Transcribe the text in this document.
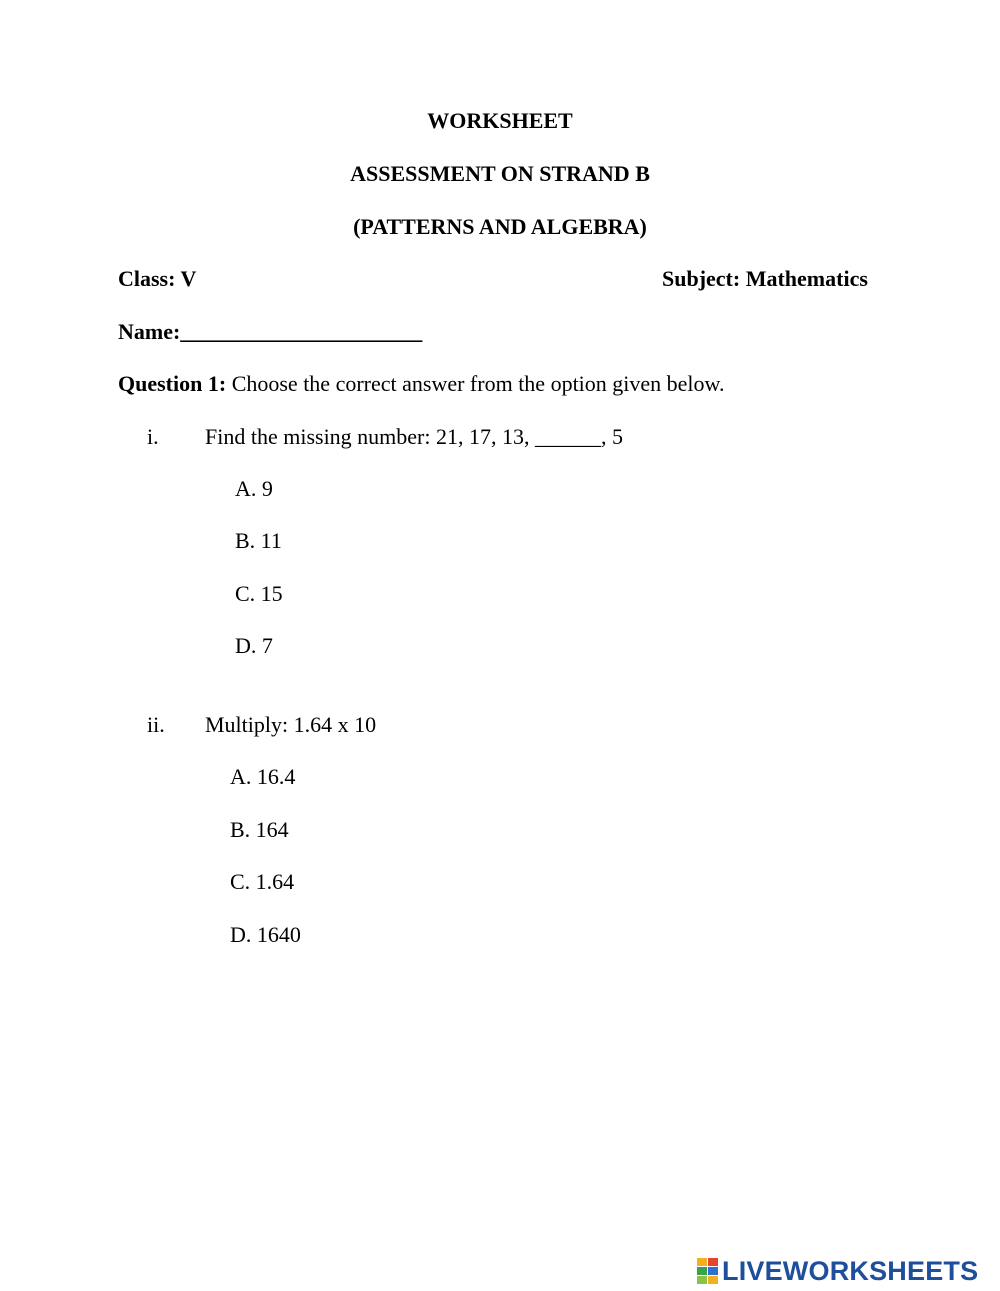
WORKSHEET
ASSESSMENT ON STRAND B
(PATTERNS AND ALGEBRA)
Class: V	Subject: Mathematics
Name:______________________
Question 1: Choose the correct answer from the option given below.
i. Find the missing number: 21, 17, 13, ______, 5
A. 9
B. 11
C. 15
D. 7
ii. Multiply: 1.64 x 10
A. 16.4
B. 164
C. 1.64
D. 1640
LIVEWORKSHEETS
